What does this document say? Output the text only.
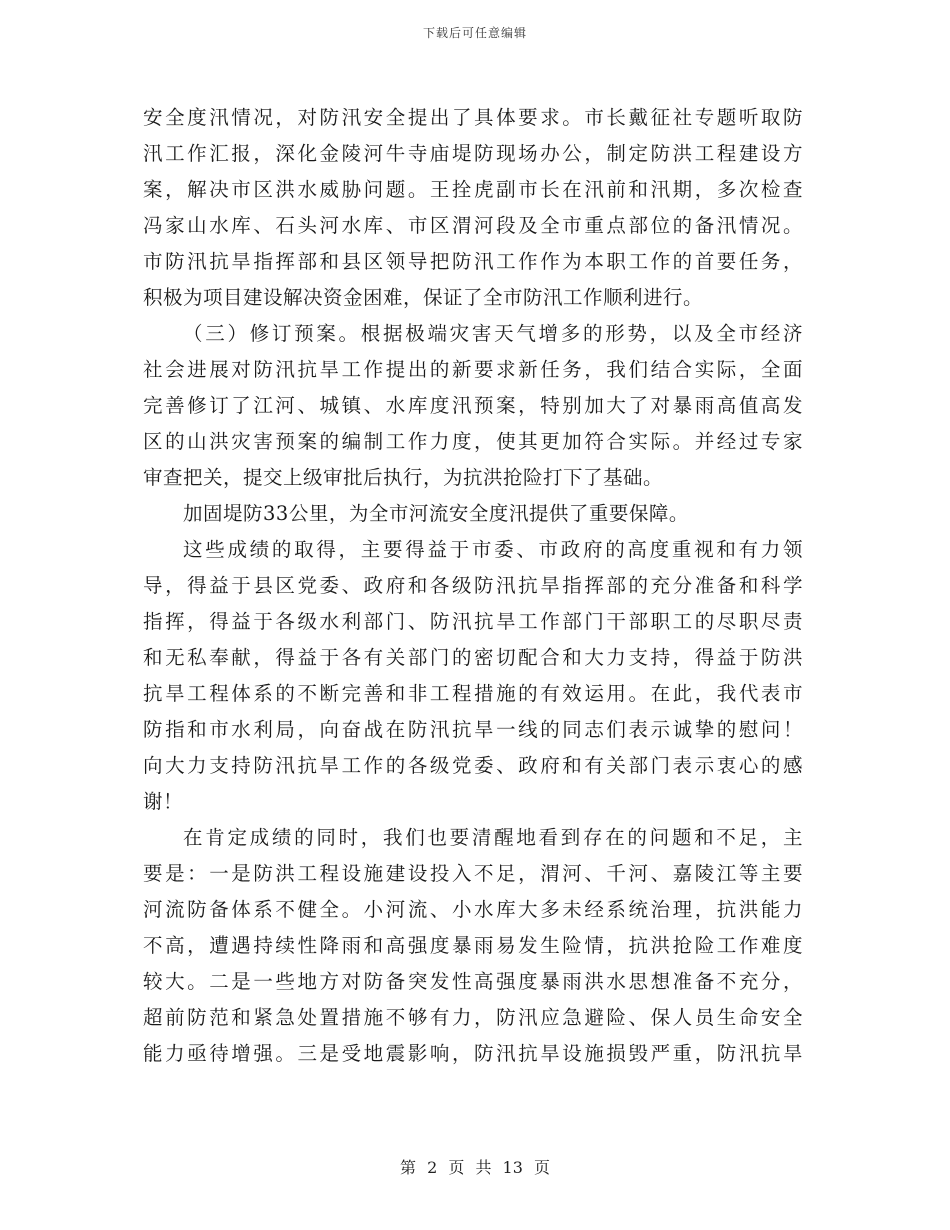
下载后可任意编辑
安全度汛情况，对防汛安全提出了具体要求。市长戴征社专题听取防
汛工作汇报，深化金陵河牛寺庙堤防现场办公，制定防洪工程建设方
案，解决市区洪水威胁问题。王拴虎副市长在汛前和汛期，多次检查
冯家山水库、石头河水库、市区渭河段及全市重点部位的备汛情况。
市防汛抗旱指挥部和县区领导把防汛工作作为本职工作的首要任务，
积极为项目建设解决资金困难，保证了全市防汛工作顺利进行。
（三）修订预案。根据极端灾害天气增多的形势，以及全市经济
社会进展对防汛抗旱工作提出的新要求新任务，我们结合实际，全面
完善修订了江河、城镇、水库度汛预案，特别加大了对暴雨高值高发
区的山洪灾害预案的编制工作力度，使其更加符合实际。并经过专家
审查把关，提交上级审批后执行，为抗洪抢险打下了基础。
加固堤防33公里，为全市河流安全度汛提供了重要保障。
这些成绩的取得，主要得益于市委、市政府的高度重视和有力领
导，得益于县区党委、政府和各级防汛抗旱指挥部的充分准备和科学
指挥，得益于各级水利部门、防汛抗旱工作部门干部职工的尽职尽责
和无私奉献，得益于各有关部门的密切配合和大力支持，得益于防洪
抗旱工程体系的不断完善和非工程措施的有效运用。在此，我代表市
防指和市水利局，向奋战在防汛抗旱一线的同志们表示诚挚的慰问！
向大力支持防汛抗旱工作的各级党委、政府和有关部门表示衷心的感
谢！
在肯定成绩的同时，我们也要清醒地看到存在的问题和不足，主
要是：一是防洪工程设施建设投入不足，渭河、千河、嘉陵江等主要
河流防备体系不健全。小河流、小水库大多未经系统治理，抗洪能力
不高，遭遇持续性降雨和高强度暴雨易发生险情，抗洪抢险工作难度
较大。二是一些地方对防备突发性高强度暴雨洪水思想准备不充分，
超前防范和紧急处置措施不够有力，防汛应急避险、保人员生命安全
能力亟待增强。三是受地震影响，防汛抗旱设施损毁严重，防汛抗旱
第 2 页 共 13 页
